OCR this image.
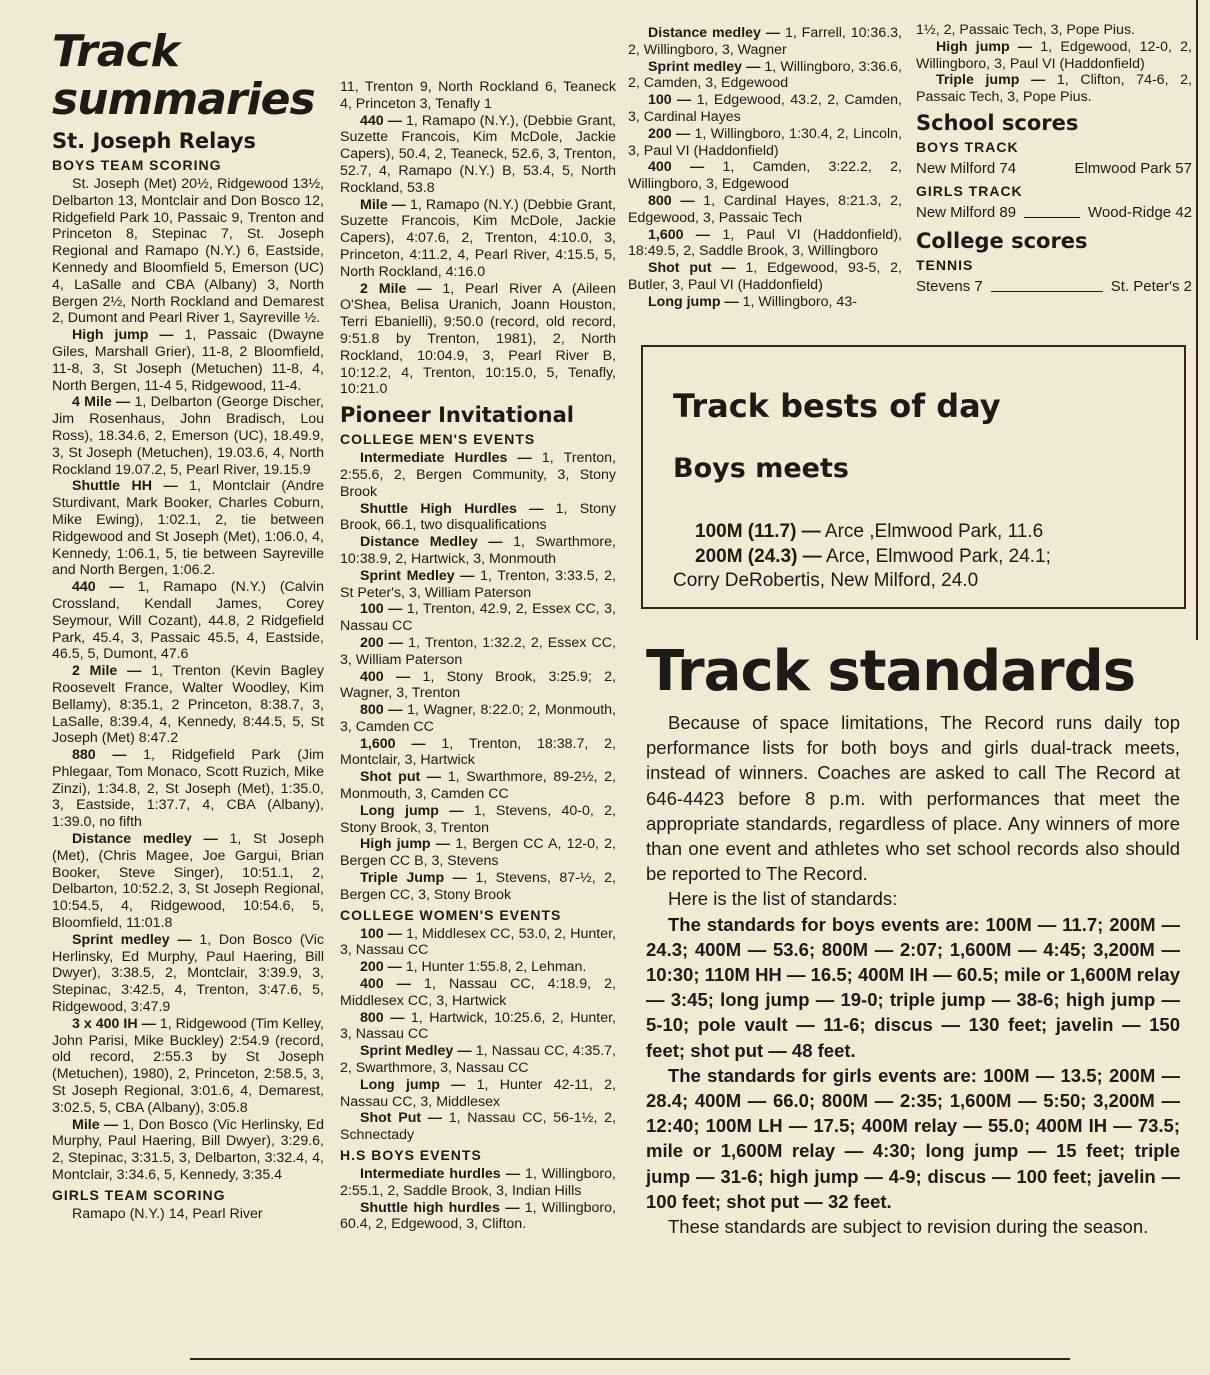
Track summaries
St. Joseph Relays
BOYS TEAM SCORING

St. Joseph (Met) 20½, Ridgewood 13½, Delbarton 13, Montclair and Don Bosco 12, Ridgefield Park 10, Passaic 9, Trenton and Princeton 8, Stepinac 7, St. Joseph Regional and Ramapo (N.Y.) 6, Eastside, Kennedy and Bloomfield 5, Emerson (UC) 4, LaSalle and CBA (Albany) 3, North Bergen 2½, North Rockland and Demarest 2, Dumont and Pearl River 1, Sayreville ½.

High jump — 1, Passaic (Dwayne Giles, Marshall Grier), 11-8, 2 Bloomfield, 11-8, 3, St Joseph (Metuchen) 11-8, 4, North Bergen, 11-4 5, Ridgewood, 11-4.

4 Mile — 1, Delbarton (George Discher, Jim Rosenhaus, John Bradisch, Lou Ross), 18.34.6, 2, Emerson (UC), 18.49.9, 3, St Joseph (Metuchen), 19.03.6, 4, North Rockland 19.07.2, 5, Pearl River, 19.15.9

Shuttle HH — 1, Montclair (Andre Sturdivant, Mark Booker, Charles Coburn, Mike Ewing), 1:02.1, 2, tie between Ridgewood and St Joseph (Met), 1:06.0, 4, Kennedy, 1:06.1, 5, tie between Sayreville and North Bergen, 1:06.2.

440 — 1, Ramapo (N.Y.) (Calvin Crossland, Kendall James, Corey Seymour, Will Cozant), 44.8, 2 Ridgefield Park, 45.4, 3, Passaic 45.5, 4, Eastside, 46.5, 5, Dumont, 47.6

2 Mile — 1, Trenton (Kevin Bagley Roosevelt France, Walter Woodley, Kim Bellamy), 8:35.1, 2 Princeton, 8:38.7, 3, LaSalle, 8:39.4, 4, Kennedy, 8:44.5, 5, St Joseph (Met) 8:47.2

880 — 1, Ridgefield Park (Jim Phlegaar, Tom Monaco, Scott Ruzich, Mike Zinzi), 1:34.8, 2, St Joseph (Met), 1:35.0, 3, Eastside, 1:37.7, 4, CBA (Albany), 1:39.0, no fifth

Distance medley — 1, St Joseph (Met), (Chris Magee, Joe Gargui, Brian Booker, Steve Singer), 10:51.1, 2, Delbarton, 10:52.2, 3, St Joseph Regional, 10:54.5, 4, Ridgewood, 10:54.6, 5, Bloomfield, 11:01.8

Sprint medley — 1, Don Bosco (Vic Herlinsky, Ed Murphy, Paul Haering, Bill Dwyer), 3:38.5, 2, Montclair, 3:39.9, 3, Stepinac, 3:42.5, 4, Trenton, 3:47.6, 5, Ridgewood, 3:47.9

3 x 400 IH — 1, Ridgewood (Tim Kelley, John Parisi, Mike Buckley) 2:54.9 (record, old record, 2:55.3 by St Joseph (Metuchen), 1980), 2, Princeton, 2:58.5, 3, St Joseph Regional, 3:01.6, 4, Demarest, 3:02.5, 5, CBA (Albany), 3:05.8

Mile — 1, Don Bosco (Vic Herlinsky, Ed Murphy, Paul Haering, Bill Dwyer), 3:29.6, 2, Stepinac, 3:31.5, 3, Delbarton, 3:32.4, 4, Montclair, 3:34.6, 5, Kennedy, 3:35.4

GIRLS TEAM SCORING

Ramapo (N.Y.) 14, Pearl River

11, Trenton 9, North Rockland 6, Teaneck 4, Princeton 3, Tenafly 1

440 — 1, Ramapo (N.Y.), (Debbie Grant, Suzette Francois, Kim McDole, Jackie Capers), 50.4, 2, Teaneck, 52.6, 3, Trenton, 52.7, 4, Ramapo (N.Y.) B, 53.4, 5, North Rockland, 53.8

Mile — 1, Ramapo (N.Y.) (Debbie Grant, Suzette Francois, Kim McDole, Jackie Capers), 4:07.6, 2, Trenton, 4:10.0, 3, Princeton, 4:11.2, 4, Pearl River, 4:15.5, 5, North Rockland, 4:16.0

2 Mile — 1, Pearl River A (Aileen O'Shea, Belisa Uranich, Joann Houston, Terri Ebanielli), 9:50.0 (record, old record, 9:51.8 by Trenton, 1981), 2, North Rockland, 10:04.9, 3, Pearl River B, 10:12.2, 4, Trenton, 10:15.0, 5, Tenafly, 10:21.0

Pioneer Invitational
COLLEGE MEN'S EVENTS

Intermediate Hurdles — 1, Trenton, 2:55.6, 2, Bergen Community, 3, Stony Brook

Shuttle High Hurdles — 1, Stony Brook, 66.1, two disqualifications

Distance Medley — 1, Swarthmore, 10:38.9, 2, Hartwick, 3, Monmouth

Sprint Medley — 1, Trenton, 3:33.5, 2, St Peter's, 3, William Paterson

100 — 1, Trenton, 42.9, 2, Essex CC, 3, Nassau CC

200 — 1, Trenton, 1:32.2, 2, Essex CC, 3, William Paterson

400 — 1, Stony Brook, 3:25.9; 2, Wagner, 3, Trenton

800 — 1, Wagner, 8:22.0; 2, Monmouth, 3, Camden CC

1,600 — 1, Trenton, 18:38.7, 2, Montclair, 3, Hartwick

Shot put — 1, Swarthmore, 89-2½, 2, Monmouth, 3, Camden CC

Long jump — 1, Stevens, 40-0, 2, Stony Brook, 3, Trenton

High jump — 1, Bergen CC A, 12-0, 2, Bergen CC B, 3, Stevens

Triple Jump — 1, Stevens, 87-½, 2, Bergen CC, 3, Stony Brook

COLLEGE WOMEN'S EVENTS

100 — 1, Middlesex CC, 53.0, 2, Hunter, 3, Nassau CC

200 — 1, Hunter 1:55.8, 2, Lehman.

400 — 1, Nassau CC, 4:18.9, 2, Middlesex CC, 3, Hartwick

800 — 1, Hartwick, 10:25.6, 2, Hunter, 3, Nassau CC

Sprint Medley — 1, Nassau CC, 4:35.7, 2, Swarthmore, 3, Nassau CC

Long jump — 1, Hunter 42-11, 2, Nassau CC, 3, Middlesex

Shot Put — 1, Nassau CC, 56-1½, 2, Schnectady

H.S BOYS EVENTS

Intermediate hurdles — 1, Willingboro, 2:55.1, 2, Saddle Brook, 3, Indian Hills

Shuttle high hurdles — 1, Willingboro, 60.4, 2, Edgewood, 3, Clifton.

Distance medley — 1, Farrell, 10:36.3, 2, Willingboro, 3, Wagner

Sprint medley — 1, Willingboro, 3:36.6, 2, Camden, 3, Edgewood

100 — 1, Edgewood, 43.2, 2, Camden, 3, Cardinal Hayes

200 — 1, Willingboro, 1:30.4, 2, Lincoln, 3, Paul VI (Haddonfield)

400 — 1, Camden, 3:22.2, 2, Willingboro, 3, Edgewood

800 — 1, Cardinal Hayes, 8:21.3, 2, Edgewood, 3, Passaic Tech

1,600 — 1, Paul VI (Haddonfield), 18:49.5, 2, Saddle Brook, 3, Willingboro

Shot put — 1, Edgewood, 93-5, 2, Butler, 3, Paul VI (Haddonfield)

Long jump — 1, Willingboro, 43-

1½, 2, Passaic Tech, 3, Pope Pius.

High jump — 1, Edgewood, 12-0, 2, Willingboro, 3, Paul VI (Haddonfield)

Triple jump — 1, Clifton, 74-6, 2, Passaic Tech, 3, Pope Pius.

School scores
BOYS TRACK
New Milford 74	Elmwood Park 57
GIRLS TRACK
New Milford 89	Wood-Ridge 42
College scores
TENNIS
Stevens 7	St. Peter's 2
Track bests of day
Boys meets
100M (11.7) — Arce ,Elmwood Park, 11.6
200M (24.3) — Arce, Elmwood Park, 24.1;
Corry DeRobertis, New Milford, 24.0
Track standards

Because of space limitations, The Record runs daily top performance lists for both boys and girls dual-track meets, instead of winners. Coaches are asked to call The Record at 646-4423 before 8 p.m. with performances that meet the appropriate standards, regardless of place. Any winners of more than one event and athletes who set school records also should be reported to The Record.

Here is the list of standards:

The standards for boys events are: 100M — 11.7; 200M — 24.3; 400M — 53.6; 800M — 2:07; 1,600M — 4:45; 3,200M — 10:30; 110M HH — 16.5; 400M IH — 60.5; mile or 1,600M relay — 3:45; long jump — 19-0; triple jump — 38-6; high jump — 5-10; pole vault — 11-6; discus — 130 feet; javelin — 150 feet; shot put — 48 feet.

The standards for girls events are: 100M — 13.5; 200M — 28.4; 400M — 66.0; 800M — 2:35; 1,600M — 5:50; 3,200M — 12:40; 100M LH — 17.5; 400M relay — 55.0; 400M IH — 73.5; mile or 1,600M relay — 4:30; long jump — 15 feet; triple jump — 31-6; high jump — 4-9; discus — 100 feet; javelin — 100 feet; shot put — 32 feet.

These standards are subject to revision during the season.
